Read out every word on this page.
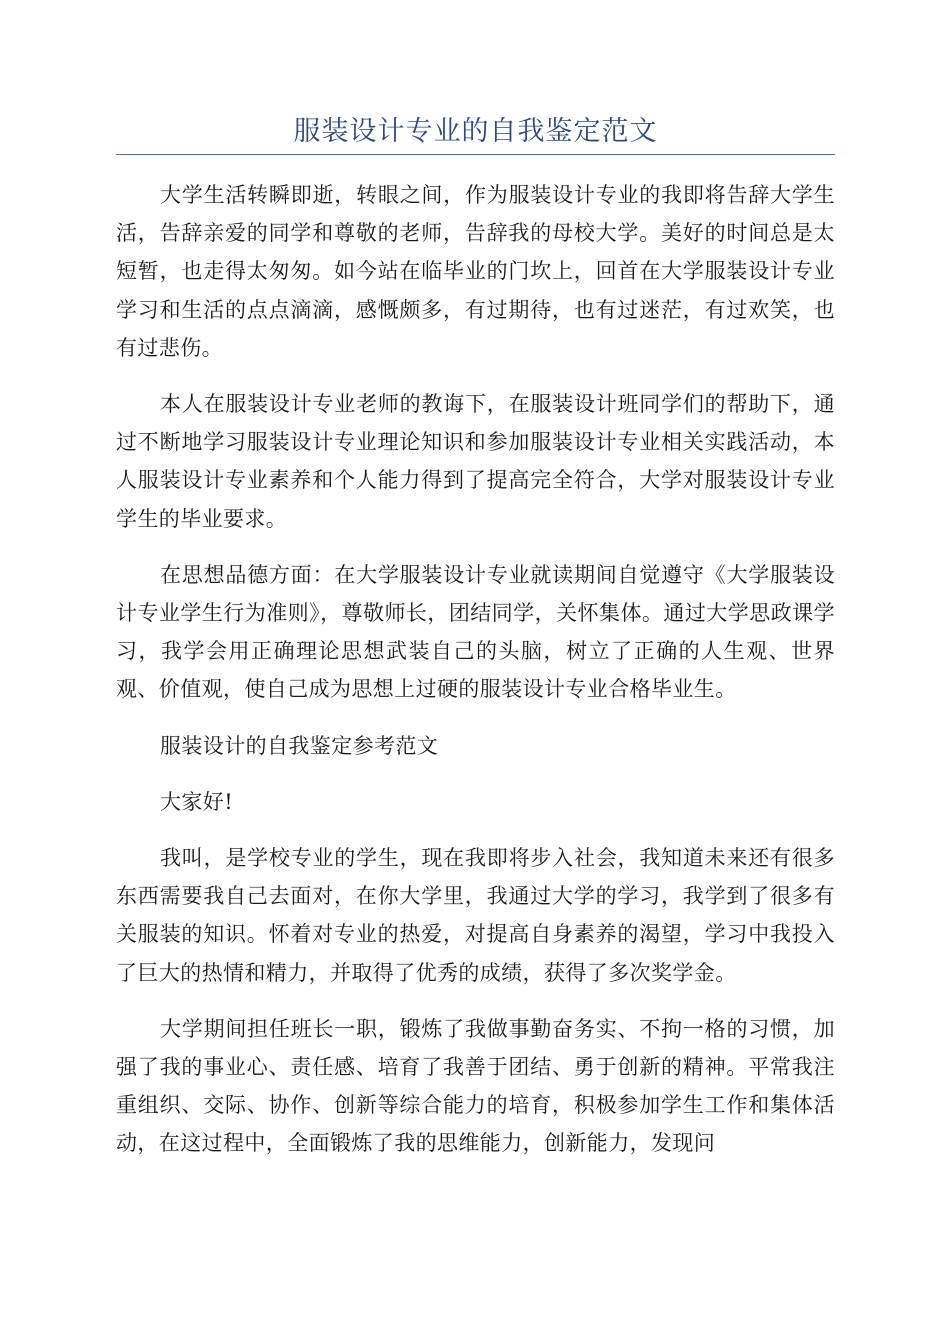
服装设计专业的自我鉴定范文

大学生活转瞬即逝，转眼之间，作为服装设计专业的我即将告辞大学生活，告辞亲爱的同学和尊敬的老师，告辞我的母校大学。美好的时间总是太短暂，也走得太匆匆。如今站在临毕业的门坎上，回首在大学服装设计专业学习和生活的点点滴滴，感慨颇多，有过期待，也有过迷茫，有过欢笑，也有过悲伤。

本人在服装设计专业老师的教诲下，在服装设计班同学们的帮助下，通过不断地学习服装设计专业理论知识和参加服装设计专业相关实践活动，本人服装设计专业素养和个人能力得到了提高完全符合，大学对服装设计专业学生的毕业要求。

在思想品德方面：在大学服装设计专业就读期间自觉遵守《大学服装设计专业学生行为准则》，尊敬师长，团结同学，关怀集体。通过大学思政课学习，我学会用正确理论思想武装自己的头脑，树立了正确的人生观、世界观、价值观，使自己成为思想上过硬的服装设计专业合格毕业生。

服装设计的自我鉴定参考范文

大家好!

我叫，是学校专业的学生，现在我即将步入社会，我知道未来还有很多东西需要我自己去面对，在你大学里，我通过大学的学习，我学到了很多有关服装的知识。怀着对专业的热爱，对提高自身素养的渴望，学习中我投入了巨大的热情和精力，并取得了优秀的成绩，获得了多次奖学金。

大学期间担任班长一职，锻炼了我做事勤奋务实、不拘一格的习惯，加强了我的事业心、责任感、培育了我善于团结、勇于创新的精神。平常我注重组织、交际、协作、创新等综合能力的培育，积极参加学生工作和集体活动，在这过程中，全面锻炼了我的思维能力，创新能力，发现问
